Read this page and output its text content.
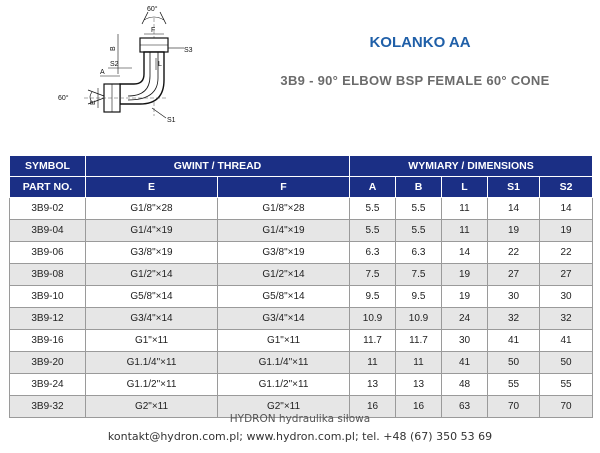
60°
F
S3
B
S2
A
L
60°
E
S1
KOLANKO AA
3B9 - 90° ELBOW BSP FEMALE 60° CONE
SYMBOL	GWINT / THREAD		WYMIARY / DIMENSIONS				
PART NO.	E	F	A	B	L	S1	S2
3B9-02	G1/8"×28	G1/8"×28	5.5	5.5	11	14	14
3B9-04	G1/4"×19	G1/4"×19	5.5	5.5	11	19	19
3B9-06	G3/8"×19	G3/8"×19	6.3	6.3	14	22	22
3B9-08	G1/2"×14	G1/2"×14	7.5	7.5	19	27	27
3B9-10	G5/8"×14	G5/8"×14	9.5	9.5	19	30	30
3B9-12	G3/4"×14	G3/4"×14	10.9	10.9	24	32	32
3B9-16	G1"×11	G1"×11	11.7	11.7	30	41	41
3B9-20	G1.1/4"×11	G1.1/4"×11	11	11	41	50	50
3B9-24	G1.1/2"×11	G1.1/2"×11	13	13	48	55	55
3B9-32	G2"×11	G2"×11	16	16	63	70	70
HYDRON hydraulika siłowa
kontakt@hydron.com.pl; www.hydron.com.pl; tel. +48 (67) 350 53 69
